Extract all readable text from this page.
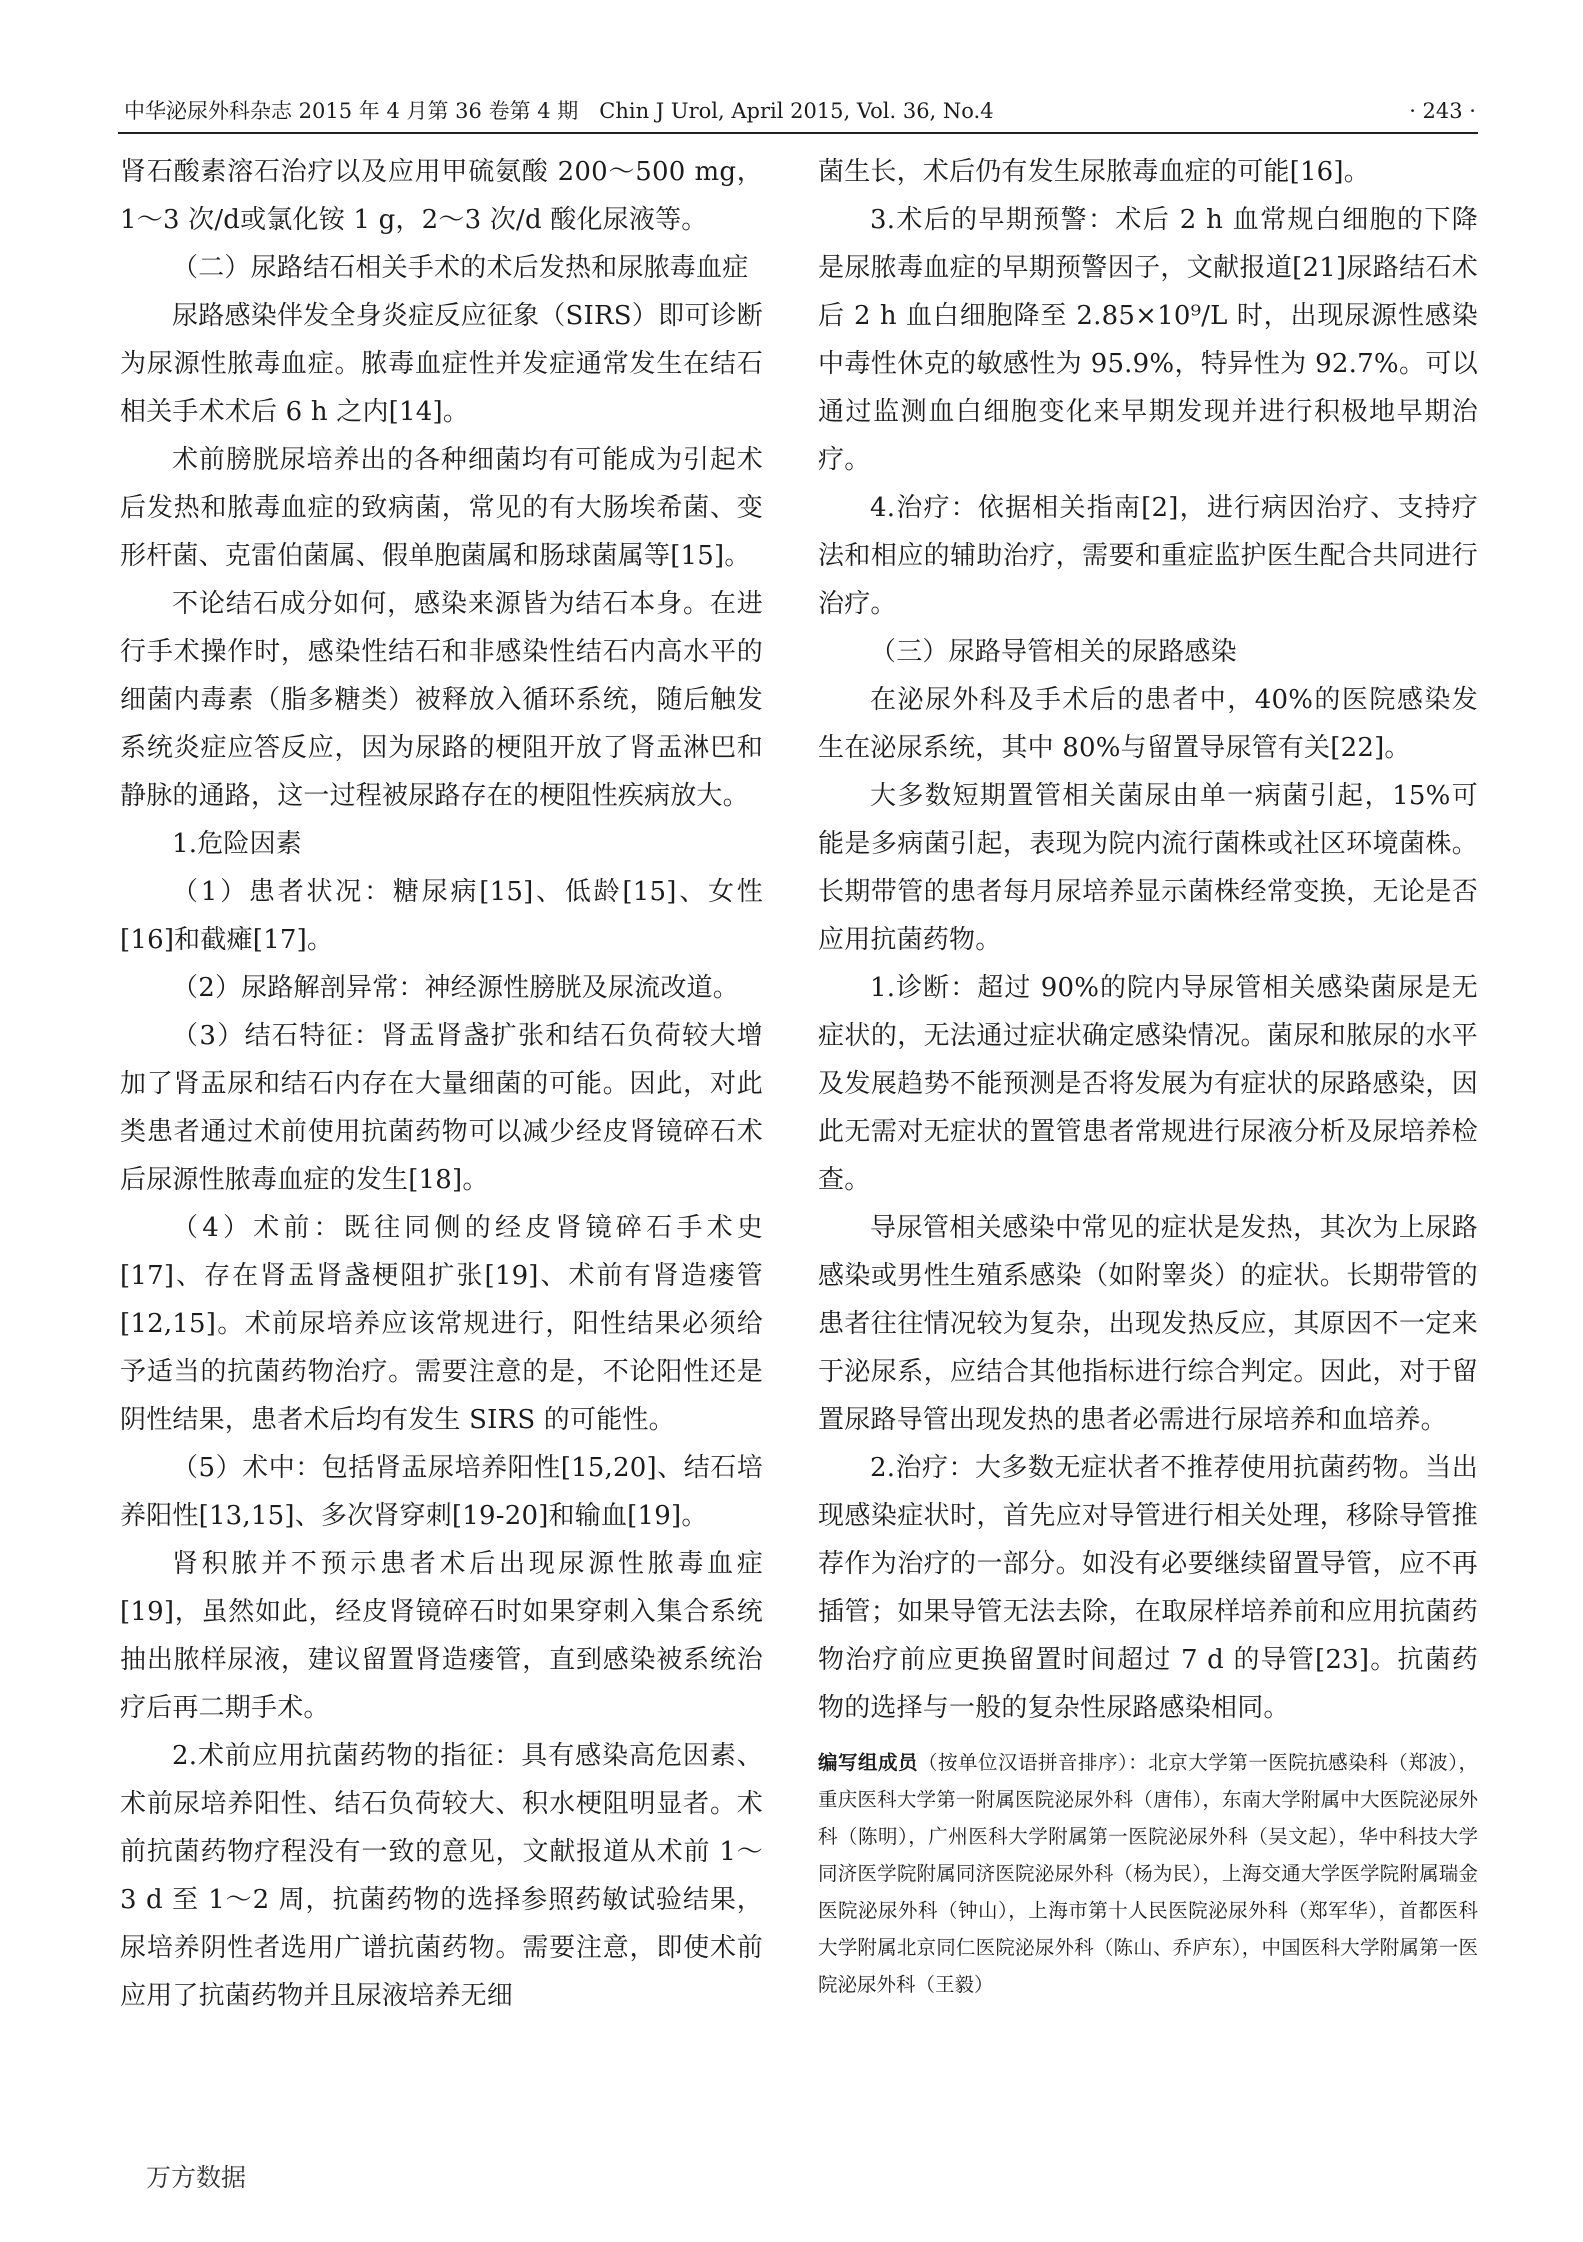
中华泌尿外科杂志 2015 年 4 月第 36 卷第 4 期　Chin J Urol, April 2015, Vol. 36, No.4	· 243 ·

肾石酸素溶石治疗以及应用甲硫氨酸 200～500 mg，1～3 次/d或氯化铵 1 g，2～3 次/d 酸化尿液等。

（二）尿路结石相关手术的术后发热和尿脓毒血症

尿路感染伴发全身炎症反应征象（SIRS）即可诊断为尿源性脓毒血症。脓毒血症性并发症通常发生在结石相关手术术后 6 h 之内[14]。

术前膀胱尿培养出的各种细菌均有可能成为引起术后发热和脓毒血症的致病菌，常见的有大肠埃希菌、变形杆菌、克雷伯菌属、假单胞菌属和肠球菌属等[15]。

不论结石成分如何，感染来源皆为结石本身。在进行手术操作时，感染性结石和非感染性结石内高水平的细菌内毒素（脂多糖类）被释放入循环系统，随后触发系统炎症应答反应，因为尿路的梗阻开放了肾盂淋巴和静脉的通路，这一过程被尿路存在的梗阻性疾病放大。

1.危险因素

（1）患者状况：糖尿病[15]、低龄[15]、女性[16]和截瘫[17]。

（2）尿路解剖异常：神经源性膀胱及尿流改道。

（3）结石特征：肾盂肾盏扩张和结石负荷较大增加了肾盂尿和结石内存在大量细菌的可能。因此，对此类患者通过术前使用抗菌药物可以减少经皮肾镜碎石术后尿源性脓毒血症的发生[18]。

（4）术前：既往同侧的经皮肾镜碎石手术史[17]、存在肾盂肾盏梗阻扩张[19]、术前有肾造瘘管[12,15]。术前尿培养应该常规进行，阳性结果必须给予适当的抗菌药物治疗。需要注意的是，不论阳性还是阴性结果，患者术后均有发生 SIRS 的可能性。

（5）术中：包括肾盂尿培养阳性[15,20]、结石培养阳性[13,15]、多次肾穿刺[19-20]和输血[19]。

肾积脓并不预示患者术后出现尿源性脓毒血症[19]，虽然如此，经皮肾镜碎石时如果穿刺入集合系统抽出脓样尿液，建议留置肾造瘘管，直到感染被系统治疗后再二期手术。

2.术前应用抗菌药物的指征：具有感染高危因素、术前尿培养阳性、结石负荷较大、积水梗阻明显者。术前抗菌药物疗程没有一致的意见，文献报道从术前 1～3 d 至 1～2 周，抗菌药物的选择参照药敏试验结果，尿培养阴性者选用广谱抗菌药物。需要注意，即使术前应用了抗菌药物并且尿液培养无细

菌生长，术后仍有发生尿脓毒血症的可能[16]。

3.术后的早期预警：术后 2 h 血常规白细胞的下降是尿脓毒血症的早期预警因子，文献报道[21]尿路结石术后 2 h 血白细胞降至 2.85×10⁹/L 时，出现尿源性感染中毒性休克的敏感性为 95.9%，特异性为 92.7%。可以通过监测血白细胞变化来早期发现并进行积极地早期治疗。

4.治疗：依据相关指南[2]，进行病因治疗、支持疗法和相应的辅助治疗，需要和重症监护医生配合共同进行治疗。

（三）尿路导管相关的尿路感染

在泌尿外科及手术后的患者中，40%的医院感染发生在泌尿系统，其中 80%与留置导尿管有关[22]。

大多数短期置管相关菌尿由单一病菌引起，15%可能是多病菌引起，表现为院内流行菌株或社区环境菌株。长期带管的患者每月尿培养显示菌株经常变换，无论是否应用抗菌药物。

1.诊断：超过 90%的院内导尿管相关感染菌尿是无症状的，无法通过症状确定感染情况。菌尿和脓尿的水平及发展趋势不能预测是否将发展为有症状的尿路感染，因此无需对无症状的置管患者常规进行尿液分析及尿培养检查。

导尿管相关感染中常见的症状是发热，其次为上尿路感染或男性生殖系感染（如附睾炎）的症状。长期带管的患者往往情况较为复杂，出现发热反应，其原因不一定来于泌尿系，应结合其他指标进行综合判定。因此，对于留置尿路导管出现发热的患者必需进行尿培养和血培养。

2.治疗：大多数无症状者不推荐使用抗菌药物。当出现感染症状时，首先应对导管进行相关处理，移除导管推荐作为治疗的一部分。如没有必要继续留置导管，应不再插管；如果导管无法去除，在取尿样培养前和应用抗菌药物治疗前应更换留置时间超过 7 d 的导管[23]。抗菌药物的选择与一般的复杂性尿路感染相同。

编写组成员（按单位汉语拼音排序）：北京大学第一医院抗感染科（郑波），重庆医科大学第一附属医院泌尿外科（唐伟），东南大学附属中大医院泌尿外科（陈明），广州医科大学附属第一医院泌尿外科（吴文起），华中科技大学同济医学院附属同济医院泌尿外科（杨为民），上海交通大学医学院附属瑞金医院泌尿外科（钟山），上海市第十人民医院泌尿外科（郑军华），首都医科大学附属北京同仁医院泌尿外科（陈山、乔庐东），中国医科大学附属第一医院泌尿外科（王毅）

万方数据
